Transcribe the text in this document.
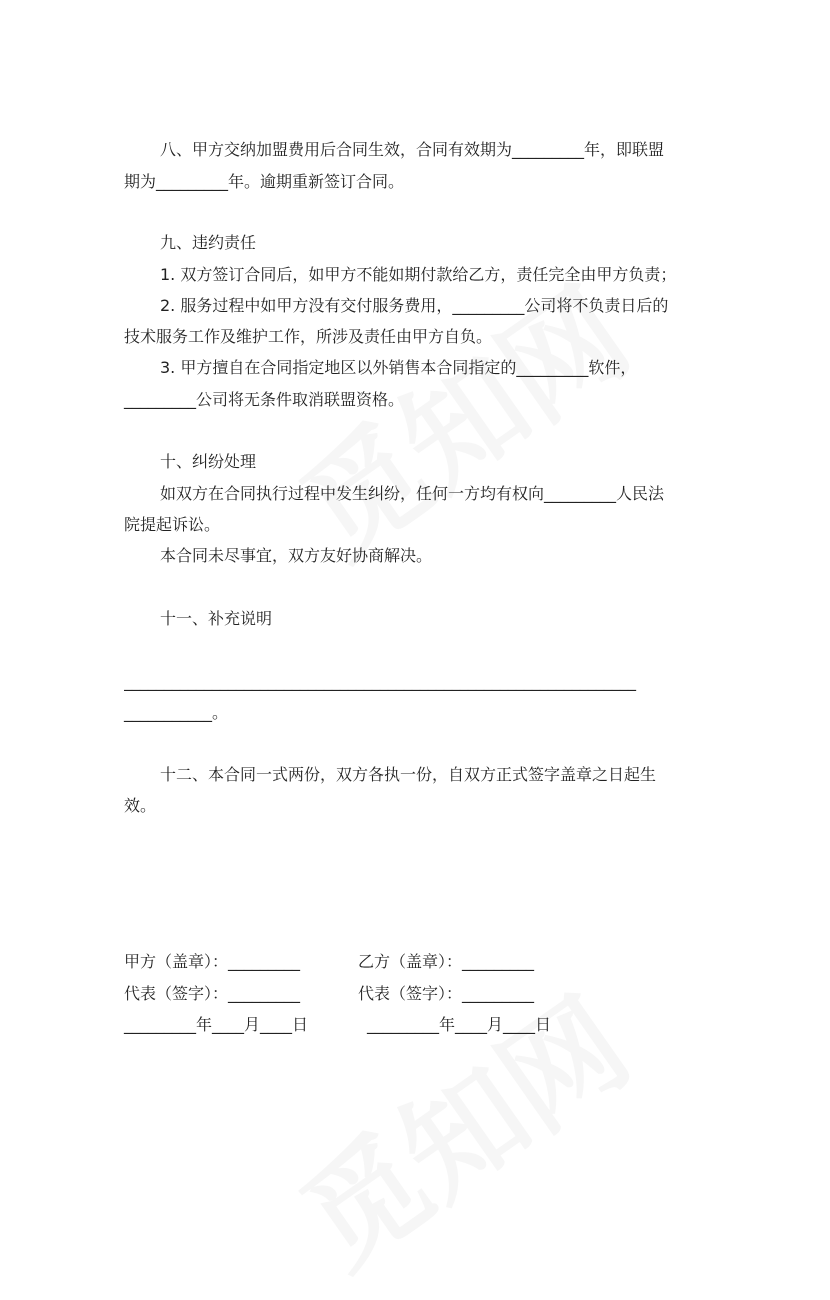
八、甲方交纳加盟费用后合同生效，合同有效期为_________年，即联盟
期为_________年。逾期重新签订合同。
九、违约责任
1. 双方签订合同后，如甲方不能如期付款给乙方，责任完全由甲方负责；
2. 服务过程中如甲方没有交付服务费用，_________公司将不负责日后的
技术服务工作及维护工作，所涉及责任由甲方自负。
3. 甲方擅自在合同指定地区以外销售本合同指定的_________软件，
_________公司将无条件取消联盟资格。
十、纠纷处理
如双方在合同执行过程中发生纠纷，任何一方均有权向_________人民法
院提起诉讼。
本合同未尽事宜，双方友好协商解决。
十一、补充说明
________________________________________________________________
___________。
十二、本合同一式两份，双方各执一份，自双方正式签字盖章之日起生
效。
甲方（盖章）：_________	乙方（盖章）：_________
代表（签字）：_________	代表（签字）：_________
_________年____月____日	_________年____月____日
